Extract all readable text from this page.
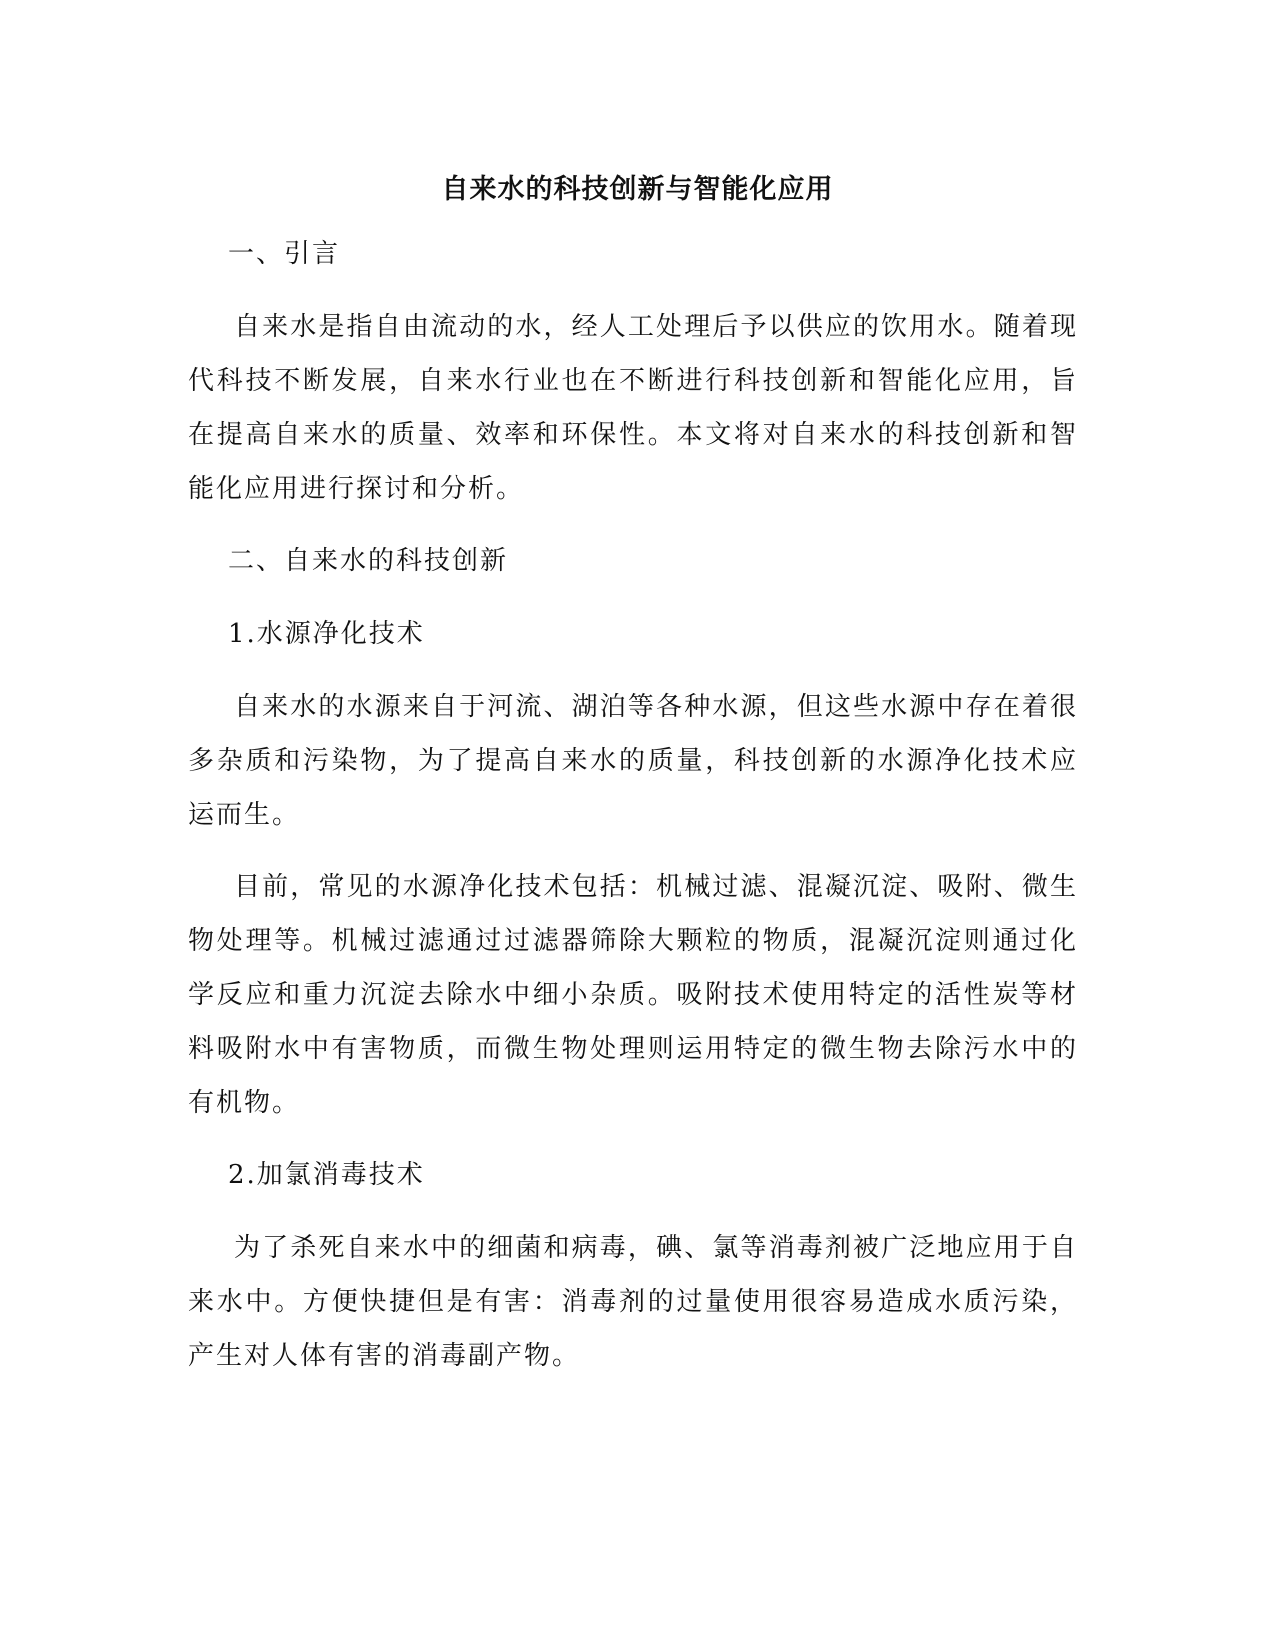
自来水的科技创新与智能化应用

一、引言

自来水是指自由流动的水，经人工处理后予以供应的饮用水。随着现代科技不断发展，自来水行业也在不断进行科技创新和智能化应用，旨在提高自来水的质量、效率和环保性。本文将对自来水的科技创新和智能化应用进行探讨和分析。

二、自来水的科技创新

1.水源净化技术

自来水的水源来自于河流、湖泊等各种水源，但这些水源中存在着很多杂质和污染物，为了提高自来水的质量，科技创新的水源净化技术应运而生。

目前，常见的水源净化技术包括：机械过滤、混凝沉淀、吸附、微生物处理等。机械过滤通过过滤器筛除大颗粒的物质，混凝沉淀则通过化学反应和重力沉淀去除水中细小杂质。吸附技术使用特定的活性炭等材料吸附水中有害物质，而微生物处理则运用特定的微生物去除污水中的有机物。

2.加氯消毒技术

为了杀死自来水中的细菌和病毒，碘、氯等消毒剂被广泛地应用于自来水中。方便快捷但是有害：消毒剂的过量使用很容易造成水质污染，产生对人体有害的消毒副产物。
